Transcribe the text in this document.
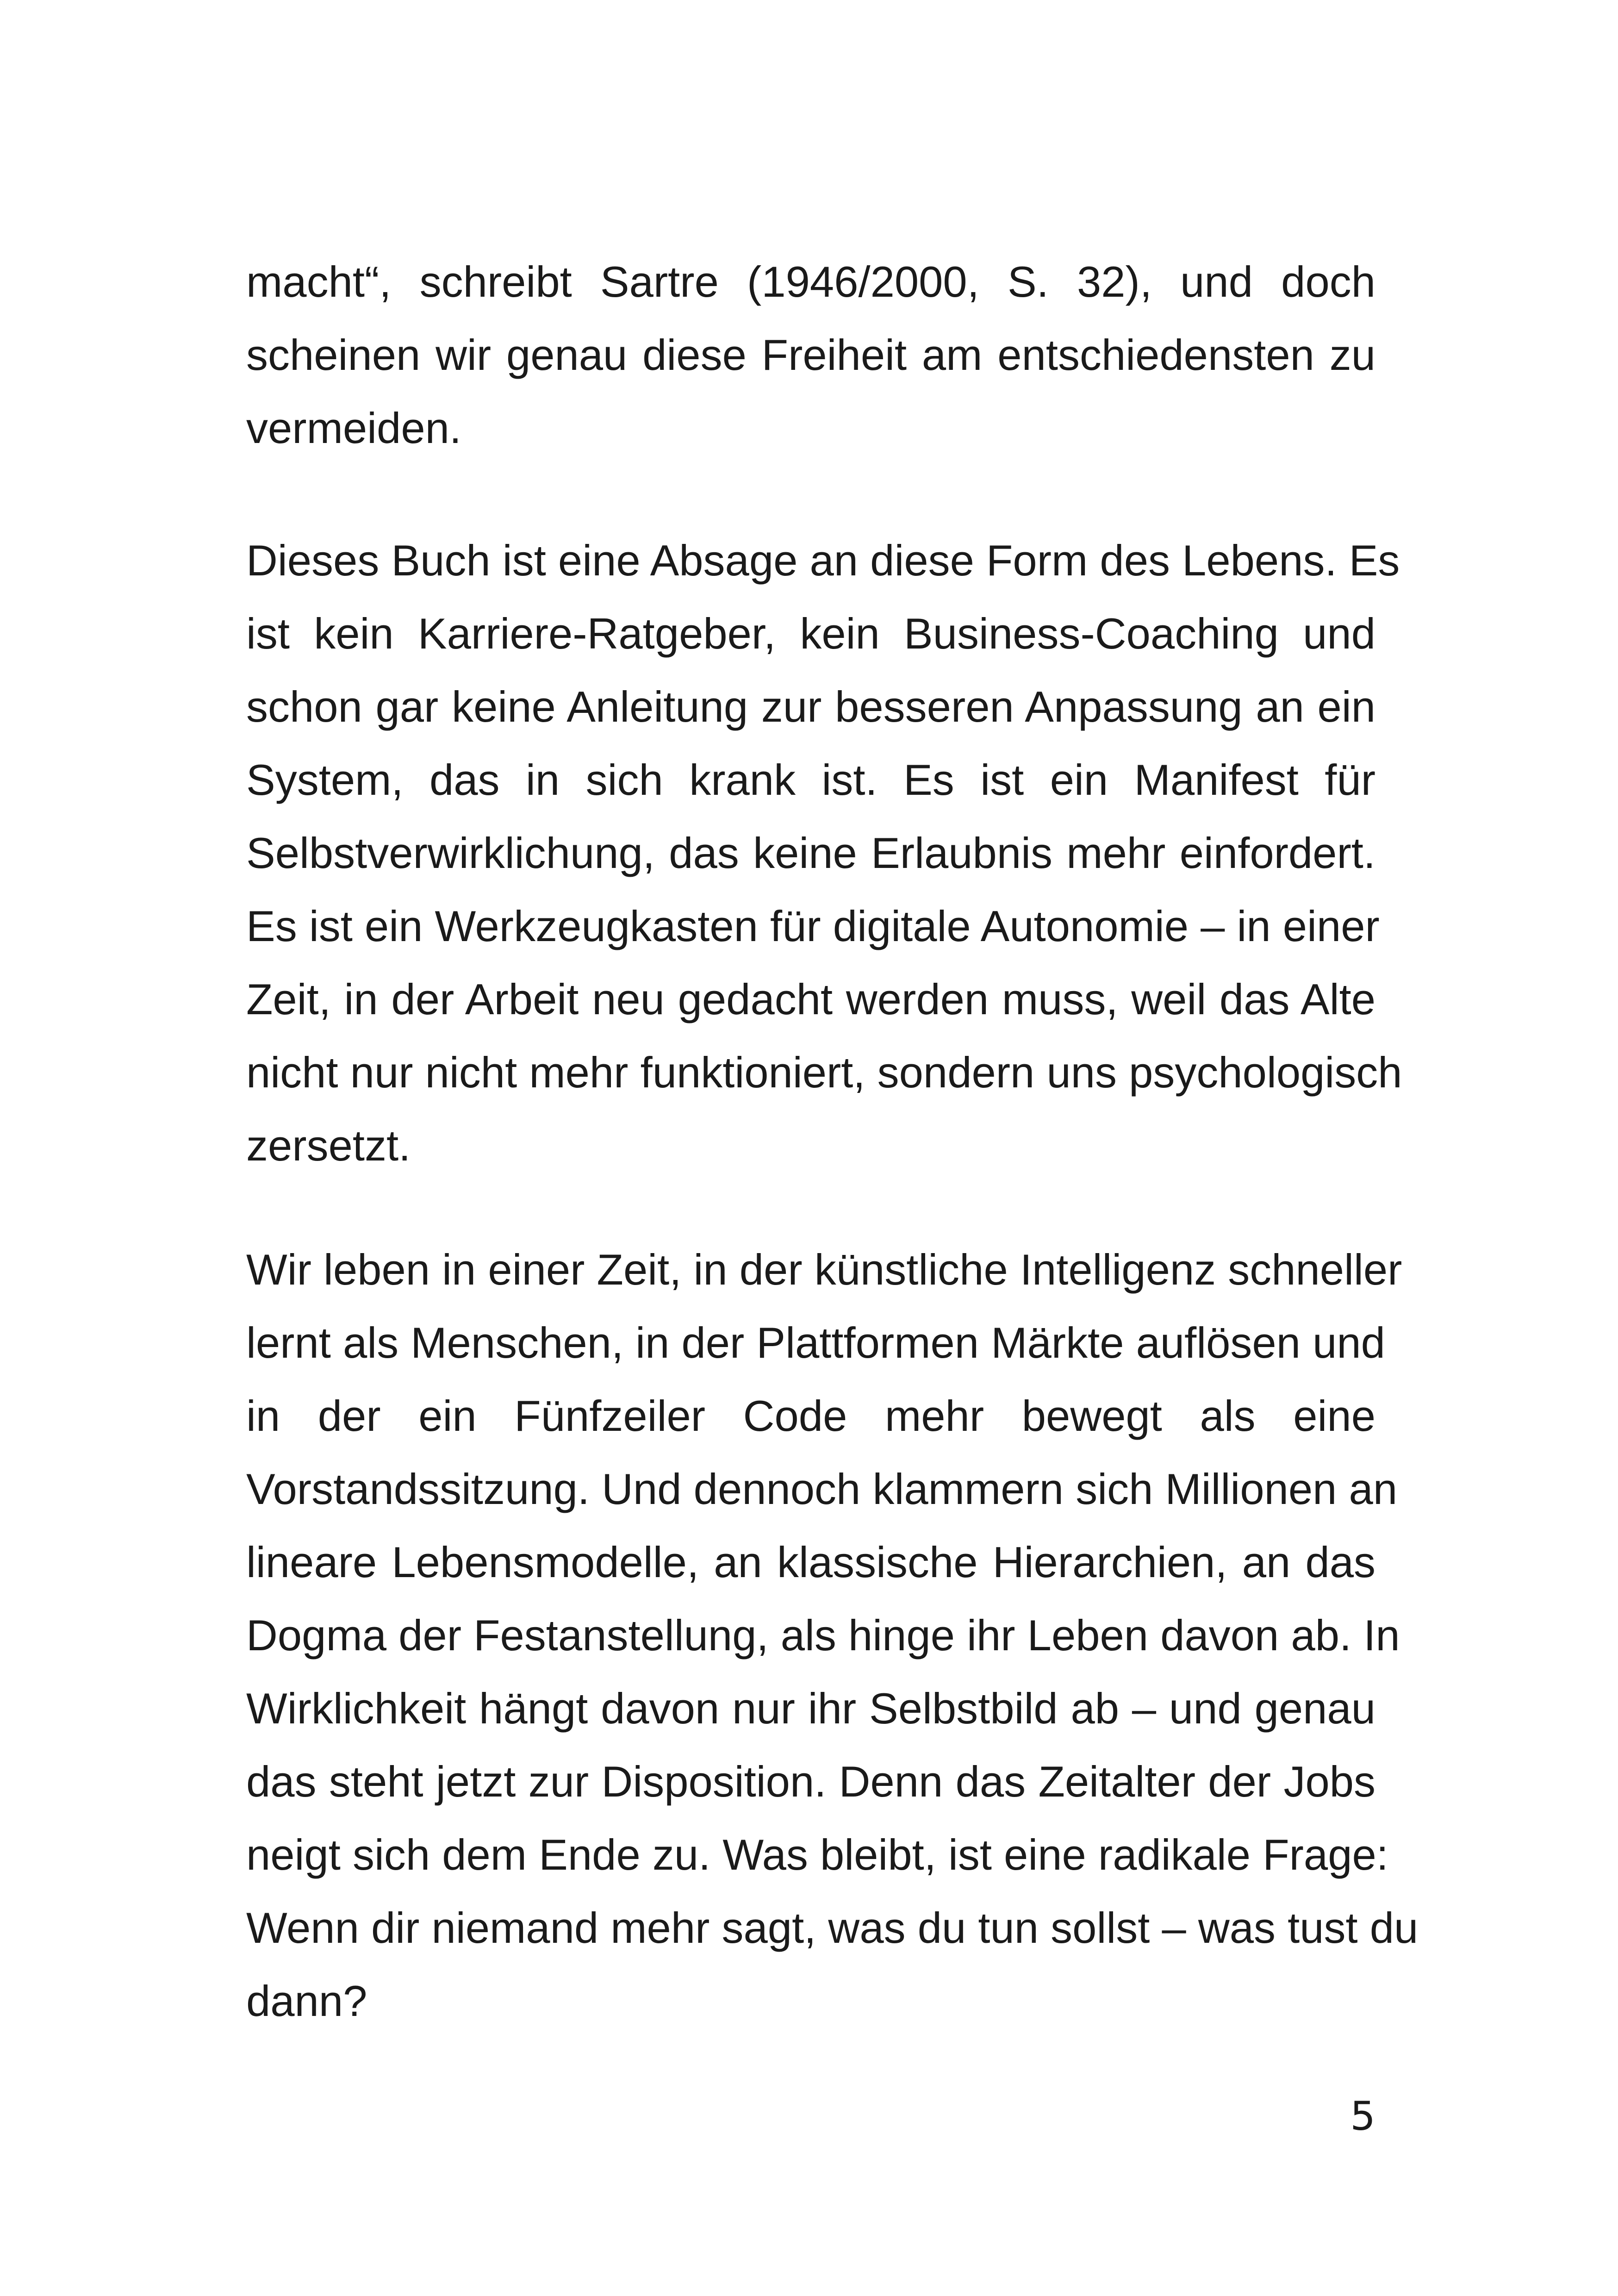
macht“, schreibt Sartre (1946/2000, S. 32), und doch
scheinen wir genau diese Freiheit am entschiedensten zu
vermeiden.
Dieses Buch ist eine Absage an diese Form des Lebens. Es
ist kein Karriere-Ratgeber, kein Business-Coaching und
schon gar keine Anleitung zur besseren Anpassung an ein
System, das in sich krank ist. Es ist ein Manifest für
Selbstverwirklichung, das keine Erlaubnis mehr einfordert.
Es ist ein Werkzeugkasten für digitale Autonomie – in einer
Zeit, in der Arbeit neu gedacht werden muss, weil das Alte
nicht nur nicht mehr funktioniert, sondern uns psychologisch
zersetzt.
Wir leben in einer Zeit, in der künstliche Intelligenz schneller
lernt als Menschen, in der Plattformen Märkte auflösen und
in der ein Fünfzeiler Code mehr bewegt als eine
Vorstandssitzung. Und dennoch klammern sich Millionen an
lineare Lebensmodelle, an klassische Hierarchien, an das
Dogma der Festanstellung, als hinge ihr Leben davon ab. In
Wirklichkeit hängt davon nur ihr Selbstbild ab – und genau
das steht jetzt zur Disposition. Denn das Zeitalter der Jobs
neigt sich dem Ende zu. Was bleibt, ist eine radikale Frage:
Wenn dir niemand mehr sagt, was du tun sollst – was tust du
dann?
5
